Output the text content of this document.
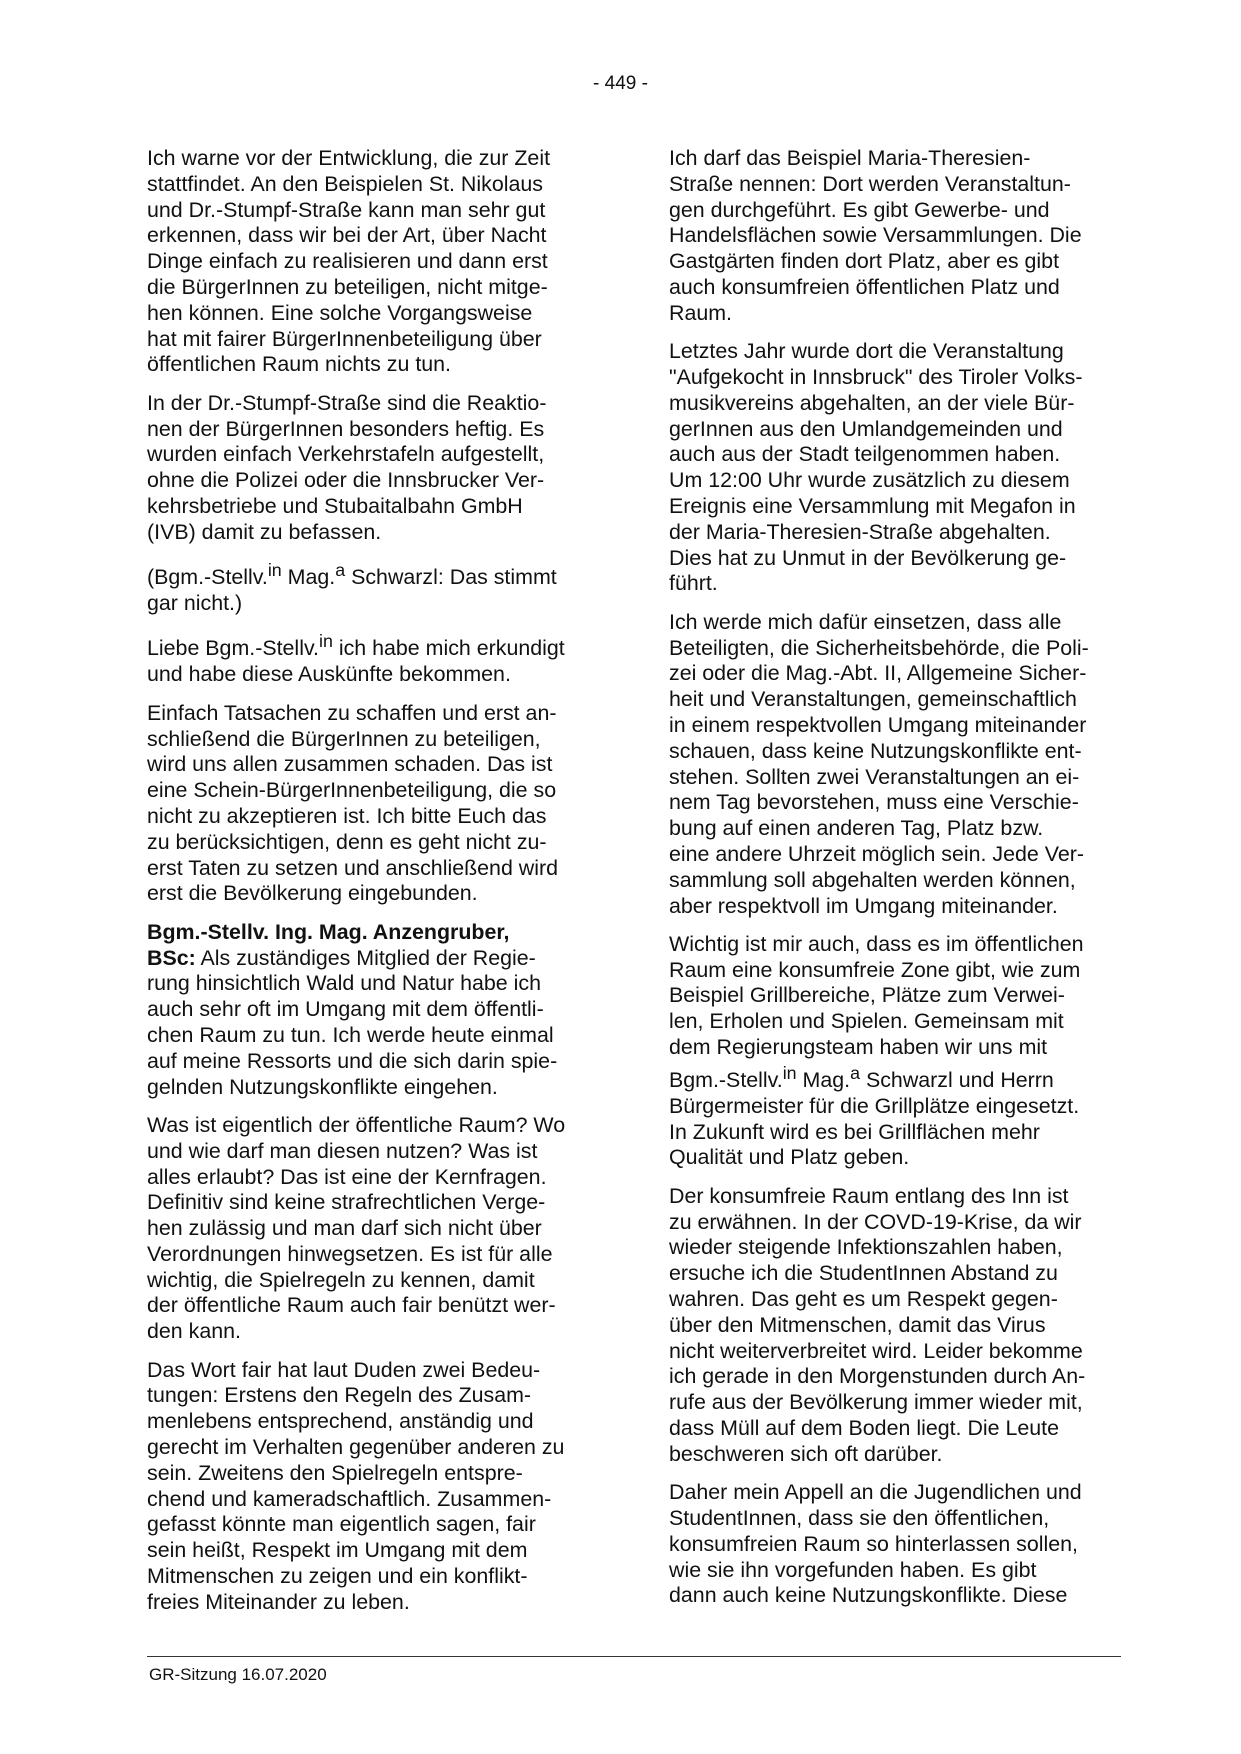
- 449 -

Ich warne vor der Entwicklung, die zur Zeit
stattfindet. An den Beispielen St. Nikolaus
und Dr.-Stumpf-Straße kann man sehr gut
erkennen, dass wir bei der Art, über Nacht
Dinge einfach zu realisieren und dann erst
die BürgerInnen zu beteiligen, nicht mitge-
hen können. Eine solche Vorgangsweise
hat mit fairer BürgerInnenbeteiligung über
öffentlichen Raum nichts zu tun.

In der Dr.-Stumpf-Straße sind die Reaktio-
nen der BürgerInnen besonders heftig. Es
wurden einfach Verkehrstafeln aufgestellt,
ohne die Polizei oder die Innsbrucker Ver-
kehrsbetriebe und Stubaitalbahn GmbH
(IVB) damit zu befassen.

(Bgm.-Stellv.$^{in}$ Mag.$^a$ Schwarzl: Das stimmt
gar nicht.)

Liebe Bgm.-Stellv.$^{in}$ ich habe mich erkundigt
und habe diese Auskünfte bekommen.

Einfach Tatsachen zu schaffen und erst an-
schließend die BürgerInnen zu beteiligen,
wird uns allen zusammen schaden. Das ist
eine Schein-BürgerInnenbeteiligung, die so
nicht zu akzeptieren ist. Ich bitte Euch das
zu berücksichtigen, denn es geht nicht zu-
erst Taten zu setzen und anschließend wird
erst die Bevölkerung eingebunden.

Bgm.-Stellv. Ing. Mag. Anzengruber,
BSc: Als zuständiges Mitglied der Regie-
rung hinsichtlich Wald und Natur habe ich
auch sehr oft im Umgang mit dem öffentli-
chen Raum zu tun. Ich werde heute einmal
auf meine Ressorts und die sich darin spie-
gelnden Nutzungskonflikte eingehen.

Was ist eigentlich der öffentliche Raum? Wo
und wie darf man diesen nutzen? Was ist
alles erlaubt? Das ist eine der Kernfragen.
Definitiv sind keine strafrechtlichen Verge-
hen zulässig und man darf sich nicht über
Verordnungen hinwegsetzen. Es ist für alle
wichtig, die Spielregeln zu kennen, damit
der öffentliche Raum auch fair benützt wer-
den kann.

Das Wort fair hat laut Duden zwei Bedeu-
tungen: Erstens den Regeln des Zusam-
menlebens entsprechend, anständig und
gerecht im Verhalten gegenüber anderen zu
sein. Zweitens den Spielregeln entspre-
chend und kameradschaftlich. Zusammen-
gefasst könnte man eigentlich sagen, fair
sein heißt, Respekt im Umgang mit dem
Mitmenschen zu zeigen und ein konflikt-
freies Miteinander zu leben.

Ich darf das Beispiel Maria-Theresien-
Straße nennen: Dort werden Veranstaltun-
gen durchgeführt. Es gibt Gewerbe- und
Handelsflächen sowie Versammlungen. Die
Gastgärten finden dort Platz, aber es gibt
auch konsumfreien öffentlichen Platz und
Raum.

Letztes Jahr wurde dort die Veranstaltung
"Aufgekocht in Innsbruck" des Tiroler Volks-
musikvereins abgehalten, an der viele Bür-
gerInnen aus den Umlandgemeinden und
auch aus der Stadt teilgenommen haben.
Um 12:00 Uhr wurde zusätzlich zu diesem
Ereignis eine Versammlung mit Megafon in
der Maria-Theresien-Straße abgehalten.
Dies hat zu Unmut in der Bevölkerung ge-
führt.

Ich werde mich dafür einsetzen, dass alle
Beteiligten, die Sicherheitsbehörde, die Poli-
zei oder die Mag.-Abt. II, Allgemeine Sicher-
heit und Veranstaltungen, gemeinschaftlich
in einem respektvollen Umgang miteinander
schauen, dass keine Nutzungskonflikte ent-
stehen. Sollten zwei Veranstaltungen an ei-
nem Tag bevorstehen, muss eine Verschie-
bung auf einen anderen Tag, Platz bzw.
eine andere Uhrzeit möglich sein. Jede Ver-
sammlung soll abgehalten werden können,
aber respektvoll im Umgang miteinander.

Wichtig ist mir auch, dass es im öffentlichen
Raum eine konsumfreie Zone gibt, wie zum
Beispiel Grillbereiche, Plätze zum Verwei-
len, Erholen und Spielen. Gemeinsam mit
dem Regierungsteam haben wir uns mit
Bgm.-Stellv.$^{in}$ Mag.$^a$ Schwarzl und Herrn
Bürgermeister für die Grillplätze eingesetzt.
In Zukunft wird es bei Grillflächen mehr
Qualität und Platz geben.

Der konsumfreie Raum entlang des Inn ist
zu erwähnen. In der COVD-19-Krise, da wir
wieder steigende Infektionszahlen haben,
ersuche ich die StudentInnen Abstand zu
wahren. Das geht es um Respekt gegen-
über den Mitmenschen, damit das Virus
nicht weiterverbreitet wird. Leider bekomme
ich gerade in den Morgenstunden durch An-
rufe aus der Bevölkerung immer wieder mit,
dass Müll auf dem Boden liegt. Die Leute
beschweren sich oft darüber.

Daher mein Appell an die Jugendlichen und
StudentInnen, dass sie den öffentlichen,
konsumfreien Raum so hinterlassen sollen,
wie sie ihn vorgefunden haben. Es gibt
dann auch keine Nutzungskonflikte. Diese

GR-Sitzung 16.07.2020
